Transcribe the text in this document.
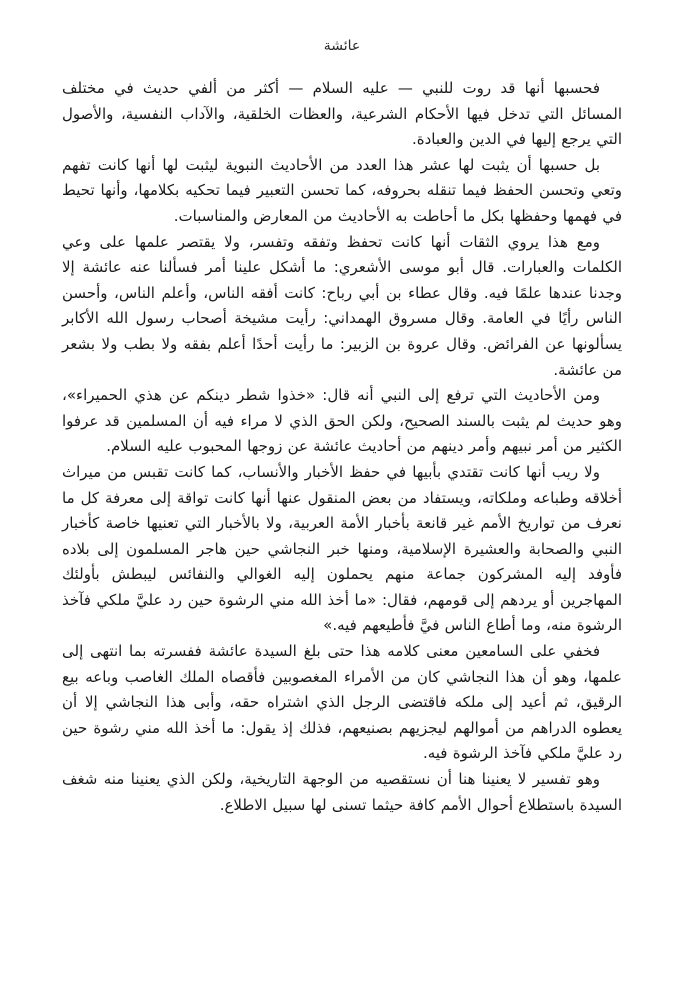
عائشة

فحسبها أنها قد روت للنبي — عليه السلام — أكثر من ألفي حديث في مختلف المسائل التي تدخل فيها الأحكام الشرعية، والعظات الخلقية، والآداب النفسية، والأصول التي يرجع إليها في الدين والعبادة.

بل حسبها أن يثبت لها عشر هذا العدد من الأحاديث النبوية ليثبت لها أنها كانت تفهم وتعي وتحسن الحفظ فيما تنقله بحروفه، كما تحسن التعبير فيما تحكيه بكلامها، وأنها تحيط في فهمها وحفظها بكل ما أحاطت به الأحاديث من المعارض والمناسبات.

ومع هذا يروي الثقات أنها كانت تحفظ وتفقه وتفسر، ولا يقتصر علمها على وعي الكلمات والعبارات. قال أبو موسى الأشعري: ما أشكل علينا أمر فسألنا عنه عائشة إلا وجدنا عندها علمًا فيه. وقال عطاء بن أبي رباح: كانت أفقه الناس، وأعلم الناس، وأحسن الناس رأيًا في العامة. وقال مسروق الهمداني: رأيت مشيخة أصحاب رسول الله الأكابر يسألونها عن الفرائض. وقال عروة بن الزبير: ما رأيت أحدًا أعلم بفقه ولا بطب ولا بشعر من عائشة.

ومن الأحاديث التي ترفع إلى النبي أنه قال: «خذوا شطر دينكم عن هذي الحميراء»، وهو حديث لم يثبت بالسند الصحيح، ولكن الحق الذي لا مراء فيه أن المسلمين قد عرفوا الكثير من أمر نبيهم وأمر دينهم من أحاديث عائشة عن زوجها المحبوب عليه السلام.

ولا ريب أنها كانت تقتدي بأبيها في حفظ الأخبار والأنساب، كما كانت تقبس من ميراث أخلاقه وطباعه وملكاته، ويستفاد من بعض المنقول عنها أنها كانت تواقة إلى معرفة كل ما نعرف من تواريخ الأمم غير قانعة بأخبار الأمة العربية، ولا بالأخبار التي تعنيها خاصة كأخبار النبي والصحابة والعشيرة الإسلامية، ومنها خبر النجاشي حين هاجر المسلمون إلى بلاده فأوفد إليه المشركون جماعة منهم يحملون إليه الغوالي والنفائس ليبطش بأولئك المهاجرين أو يردهم إلى قومهم، فقال: «ما أخذ الله مني الرشوة حين رد عليَّ ملكي فآخذ الرشوة منه، وما أطاع الناس فيَّ فأطيعهم فيه.»

فخفي على السامعين معنى كلامه هذا حتى بلغ السيدة عائشة ففسرته بما انتهى إلى علمها، وهو أن هذا النجاشي كان من الأمراء المغصوبين فأقصاه الملك الغاصب وباعه بيع الرقيق، ثم أعيد إلى ملكه فاقتضى الرجل الذي اشتراه حقه، وأبى هذا النجاشي إلا أن يعطوه الدراهم من أموالهم ليجزيهم بصنيعهم، فذلك إذ يقول: ما أخذ الله مني رشوة حين رد عليَّ ملكي فآخذ الرشوة فيه.

وهو تفسير لا يعنينا هنا أن نستقصيه من الوجهة التاريخية، ولكن الذي يعنينا منه شغف السيدة باستطلاع أحوال الأمم كافة حيثما تسنى لها سبيل الاطلاع.
